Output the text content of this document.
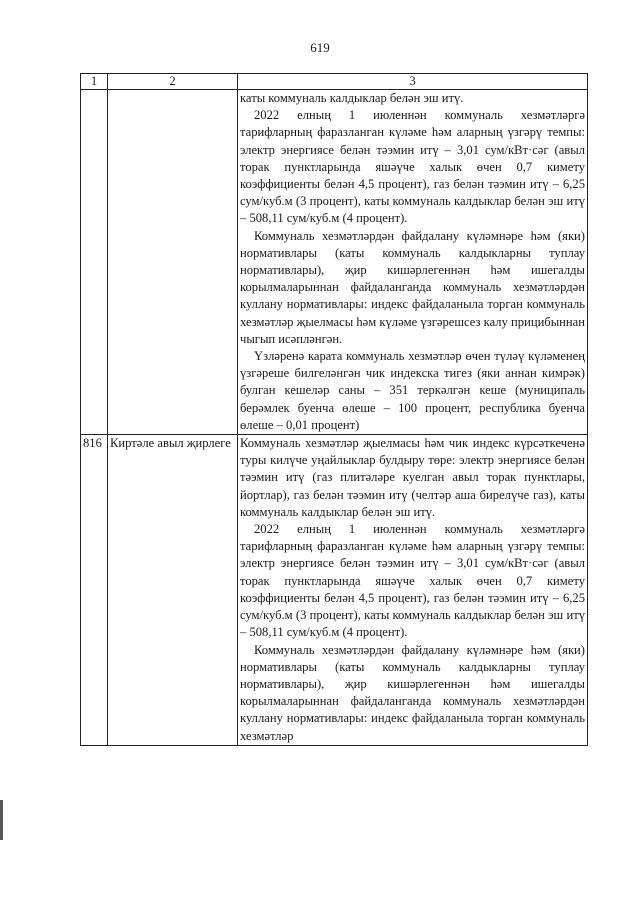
619
1	2	3

		каты коммуналь калдыклар белән эш итү.

2022 елның 1 июленнән коммуналь хезмәтләргә тарифларның фаразланган күләме һәм аларның үзгәрү темпы: электр энергиясе белән тәэмин итү – 3,01 сум/кВт·сәг (авыл торак пунктларында яшәүче халык өчен 0,7 кимету коэффициенты белән 4,5 процент), газ белән тәэмин итү – 6,25 сум/куб.м (3 процент), каты коммуналь калдыклар белән эш итү – 508,11 сум/куб.м (4 процент).

Коммуналь хезмәтләрдән файдалану күләмнәре һәм (яки) нормативлары (каты коммуналь калдыкларны туплау нормативлары), җир кишәрлегеннән һәм ишегалды корылмаларыннан файдаланганда коммуналь хезмәтләрдән куллану нормативлары: индекс файдаланыла торган коммуналь хезмәтләр җыелмасы һәм күләме үзгәрешсез калу прицибыннан чыгып исәпләнгән.

Үзләренә карата коммуналь хезмәтләр өчен түләү күләменең үзгәреше билгеләнгән чик индекска тигез (яки аннан кимрәк) булган кешеләр саны – 351 теркәлгән кеше (муниципаль берәмлек буенча өлеше – 100 процент, республика буенча өлеше – 0,01 процент)

816	Киртәле авыл җирлеге	Коммуналь хезмәтләр җыелмасы һәм чик индекс күрсәткеченә туры килүче уңайлыклар булдыру төре: электр энергиясе белән тәэмин итү (газ плитәләре куелган авыл торак пунктлары, йортлар), газ белән тәэмин итү (челтәр аша бирелүче газ), каты коммуналь калдыклар белән эш итү.

2022 елның 1 июленнән коммуналь хезмәтләргә тарифларның фаразланган күләме һәм аларның үзгәрү темпы: электр энергиясе белән тәэмин итү – 3,01 сум/кВт·сәг (авыл торак пунктларында яшәүче халык өчен 0,7 кимету коэффициенты белән 4,5 процент), газ белән тәэмин итү – 6,25 сум/куб.м (3 процент), каты коммуналь калдыклар белән эш итү – 508,11 сум/куб.м (4 процент).

Коммуналь хезмәтләрдән файдалану күләмнәре һәм (яки) нормативлары (каты коммуналь калдыкларны туплау нормативлары), җир кишәрлегеннән һәм ишегалды корылмаларыннан файдаланганда коммуналь хезмәтләрдән куллану нормативлары: индекс файдаланыла торган коммуналь хезмәтләр
